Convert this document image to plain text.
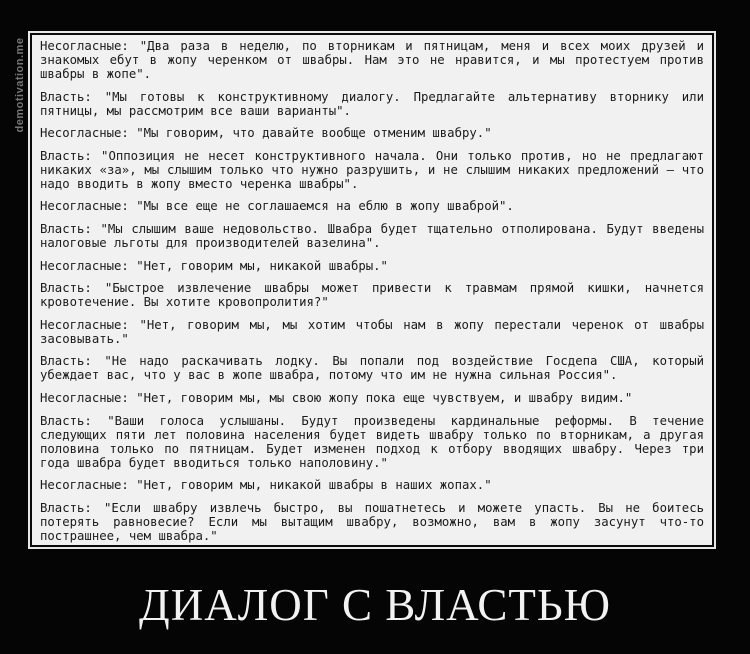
demotivation.me Несогласные: "Два раза в неделю, по вторникам и пятницам, меня и всех моих друзей и знакомых ебут в жопу черенком от швабры. Нам это не нравится, и мы протестуем против швабры в жопе".

Власть: "Мы готовы к конструктивному диалогу. Предлагайте альтернативу вторнику или пятницы, мы рассмотрим все ваши варианты".

Несогласные: "Мы говорим, что давайте вообще отменим швабру."

Власть: "Оппозиция не несет конструктивного начала. Они только против, но не предлагают никаких «за», мы слышим только что нужно разрушить, и не слышим никаких предложений — что надо вводить в жопу вместо черенка швабры".

Несогласные: "Мы все еще не соглашаемся на еблю в жопу шваброй".

Власть: "Мы слышим ваше недовольство. Швабра будет тщательно отполирована. Будут введены налоговые льготы для производителей вазелина".

Несогласные: "Нет, говорим мы, никакой швабры."

Власть: "Быстрое извлечение швабры может привести к травмам прямой кишки, начнется кровотечение. Вы хотите кровопролития?"

Несогласные: "Нет, говорим мы, мы хотим чтобы нам в жопу перестали черенок от швабры засовывать."

Власть: "Не надо раскачивать лодку. Вы попали под воздействие Госдепа США, который убеждает вас, что у вас в жопе швабра, потому что им не нужна сильная Россия".

Несогласные: "Нет, говорим мы, мы свою жопу пока еще чувствуем, и швабру видим."

Власть: "Ваши голоса услышаны. Будут произведены кардинальные реформы. В течение следующих пяти лет половина населения будет видеть швабру только по вторникам, а другая половина только по пятницам. Будет изменен подход к отбору вводящих швабру. Через три года швабра будет вводиться только наполовину."

Несогласные: "Нет, говорим мы, никакой швабры в наших жопах."

Власть: "Если швабру извлечь быстро, вы пошатнетесь и можете упасть. Вы не боитесь потерять равновесие? Если мы вытащим швабру, возможно, вам в жопу засунут что-то пострашнее, чем швабра."

ДИАЛОГ С ВЛАСТЬЮ
